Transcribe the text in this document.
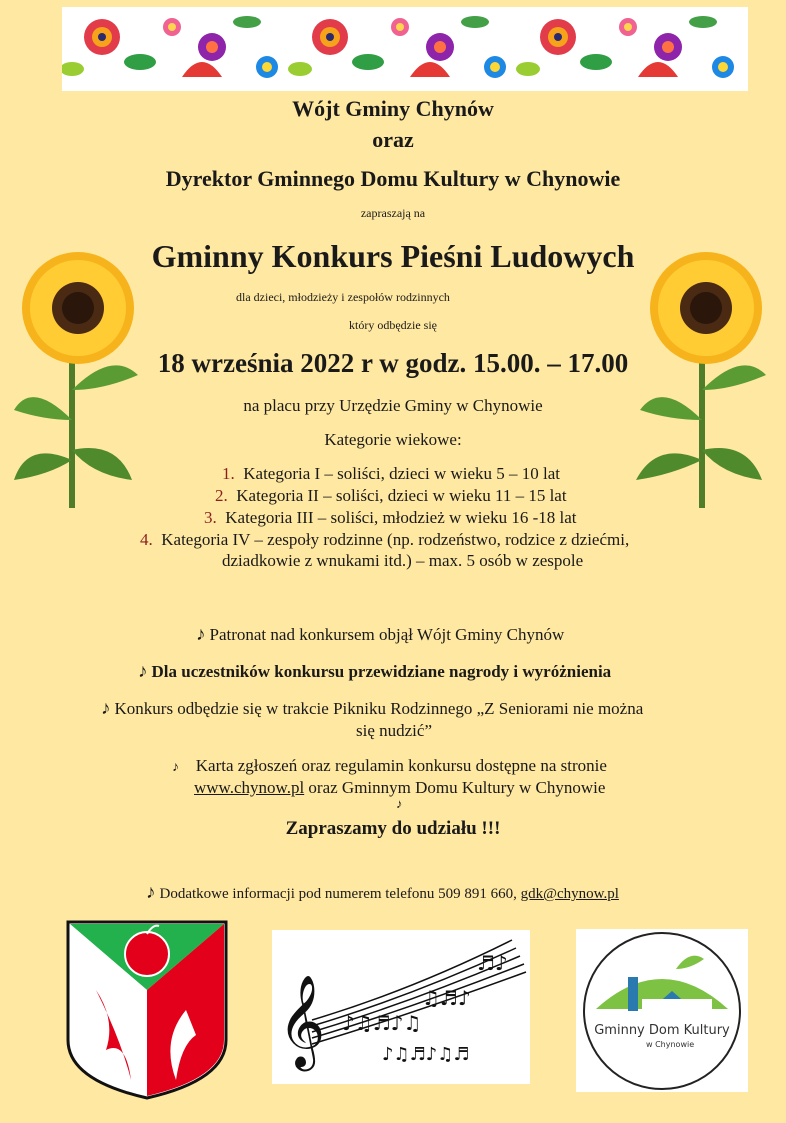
Wójt Gminy Chynów
oraz
Dyrektor Gminnego Domu Kultury w Chynowie
zapraszają na
Gminny Konkurs Pieśni Ludowych
dla dzieci, młodzieży i zespołów rodzinnych
który odbędzie się
18 września 2022 r w godz. 15.00. – 17.00
na placu przy Urzędzie Gminy w Chynowie
Kategorie wiekowe:
1. Kategoria I – soliści, dzieci w wieku 5 – 10 lat
2. Kategoria II – soliści, dzieci w wieku 11 – 15 lat
3. Kategoria III – soliści, młodzież w wieku 16 -18 lat
4. Kategoria IV – zespoły rodzinne (np. rodzeństwo, rodzice z dziećmi,
dziadkowie z wnukami itd.) – max. 5 osób w zespole
♪ Patronat nad konkursem objął Wójt Gminy Chynów
♪ Dla uczestników konkursu przewidziane nagrody i wyróżnienia
♪ Konkurs odbędzie się w trakcie Pikniku Rodzinnego „Z Seniorami nie można
się nudzić”
♪ Karta zgłoszeń oraz regulamin konkursu dostępne na stronie
www.chynow.pl oraz Gminnym Domu Kultury w Chynowie
♪
Zapraszamy do udziału !!!
♪ Dodatkowe informacji pod numerem telefonu 509 891 660, gdk@chynow.pl
𝄞 ♪♫♬♪♫
♫♬♪
♬♪
♪♫♬♪♫♬
Gminny Dom Kultury
w Chynowie
